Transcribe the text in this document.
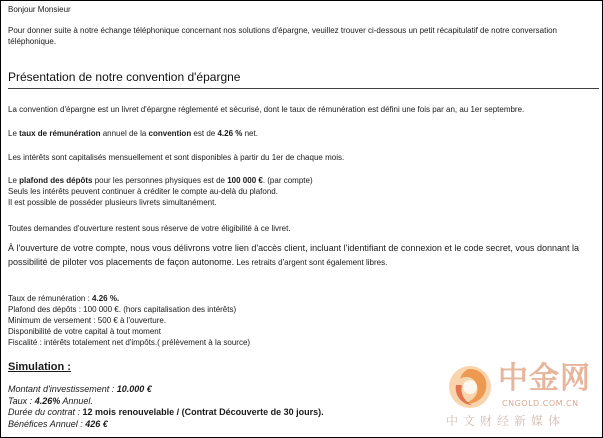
Bonjour Monsieur

Pour donner suite à notre échange téléphonique concernant nos solutions d'épargne, veuillez trouver ci-dessous un petit récapitulatif de notre conversation téléphonique.

Présentation de notre convention d'épargne

La convention d'épargne est un livret d'épargne réglementé et sécurisé, dont le taux de rémunération est défini une fois par an, au 1er septembre.

Le taux de rémunération annuel de la convention est de 4.26 % net.

Les intérêts sont capitalisés mensuellement et sont disponibles à partir du 1er de chaque mois.

Le plafond des dépôts pour les personnes physiques est de 100 000 €. (par compte)
Seuls les intérêts peuvent continuer à créditer le compte au-delà du plafond.
Il est possible de posséder plusieurs livrets simultanément.

Toutes demandes d'ouverture restent sous réserve de votre éligibilité à ce livret.

À l'ouverture de votre compte, nous vous délivrons votre lien d'accès client, incluant l'identifiant de connexion et le code secret, vous donnant la possibilité de piloter vos placements de façon autonome. Les retraits d'argent sont également libres.

Taux de rémunération : 4.26 %.
Plafond des dépôts : 100 000 €. (hors capitalisation des intérêts)
Minimum de versement : 500 € à l'ouverture.
Disponibilité de votre capital à tout moment
Fiscalité : intérêts totalement net d'impôts.( prélèvement à la source)
Simulation :
Montant d'investissement : 10.000 €
Taux : 4.26% Annuel.
Durée du contrat : 12 mois renouvelable / (Contrat Découverte de 30 jours).
Bénéfices Annuel : 426 €
中金网
CNGOLD.COM.CN
中文财经新媒体
